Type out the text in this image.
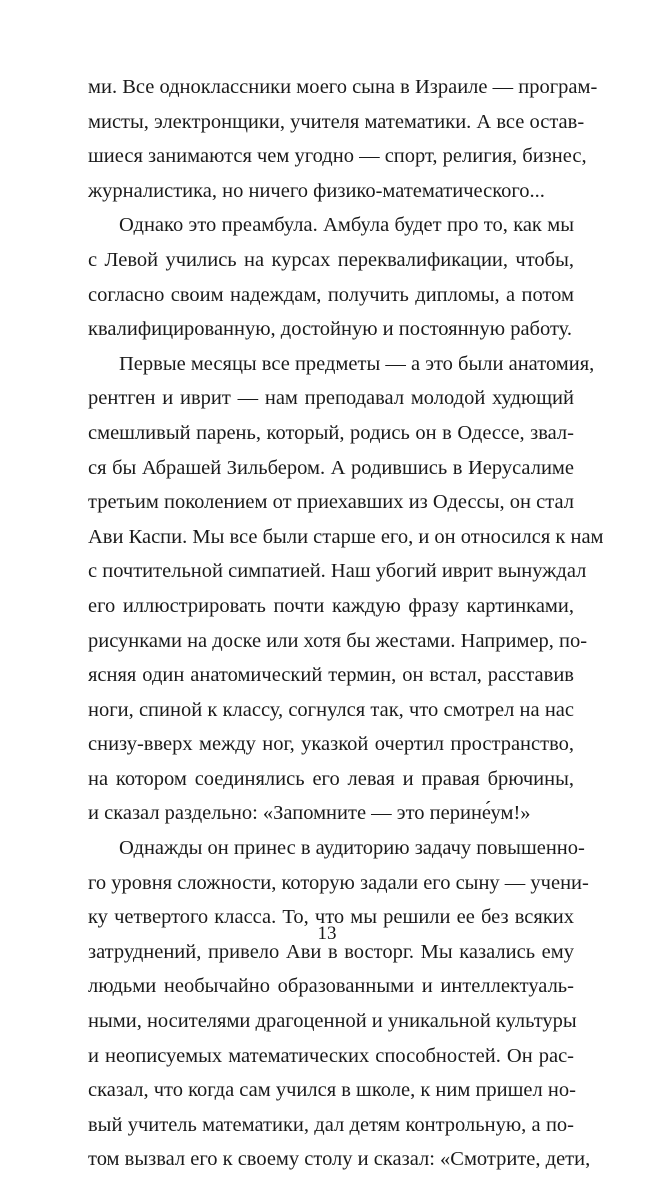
ми. Все одноклассники моего сына в Израиле — програм-
мисты, электронщики, учителя математики. А все остав-
шиеся занимаются чем угодно — спорт, религия, бизнес,
журналистика, но ничего физико-математического...
Однако это преамбула. Амбула будет про то, как мы
с Левой учились на курсах переквалификации, чтобы,
согласно своим надеждам, получить дипломы, а потом
квалифицированную, достойную и постоянную работу.
Первые месяцы все предметы — а это были анатомия,
рентген и иврит — нам преподавал молодой худющий
смешливый парень, который, родись он в Одессе, звал-
ся бы Абрашей Зильбером. А родившись в Иерусалиме
третьим поколением от приехавших из Одессы, он стал
Ави Каспи. Мы все были старше его, и он относился к нам
с почтительной симпатией. Наш убогий иврит вынуждал
его иллюстрировать почти каждую фразу картинками,
рисунками на доске или хотя бы жестами. Например, по-
ясняя один анатомический термин, он встал, расставив
ноги, спиной к классу, согнулся так, что смотрел на нас
снизу-вверх между ног, указкой очертил пространство,
на котором соединялись его левая и правая брючины,
и сказал раздельно: «Запомните — это перине́ум!»
Однажды он принес в аудиторию задачу повышенно-
го уровня сложности, которую задали его сыну — учени-
ку четвертого класса. То, что мы решили ее без всяких
затруднений, привело Ави в восторг. Мы казались ему
людьми необычайно образованными и интеллектуаль-
ными, носителями драгоценной и уникальной культуры
и неописуемых математических способностей. Он рас-
сказал, что когда сам учился в школе, к ним пришел но-
вый учитель математики, дал детям контрольную, а по-
том вызвал его к своему столу и сказал: «Смотрите, дети,
13
